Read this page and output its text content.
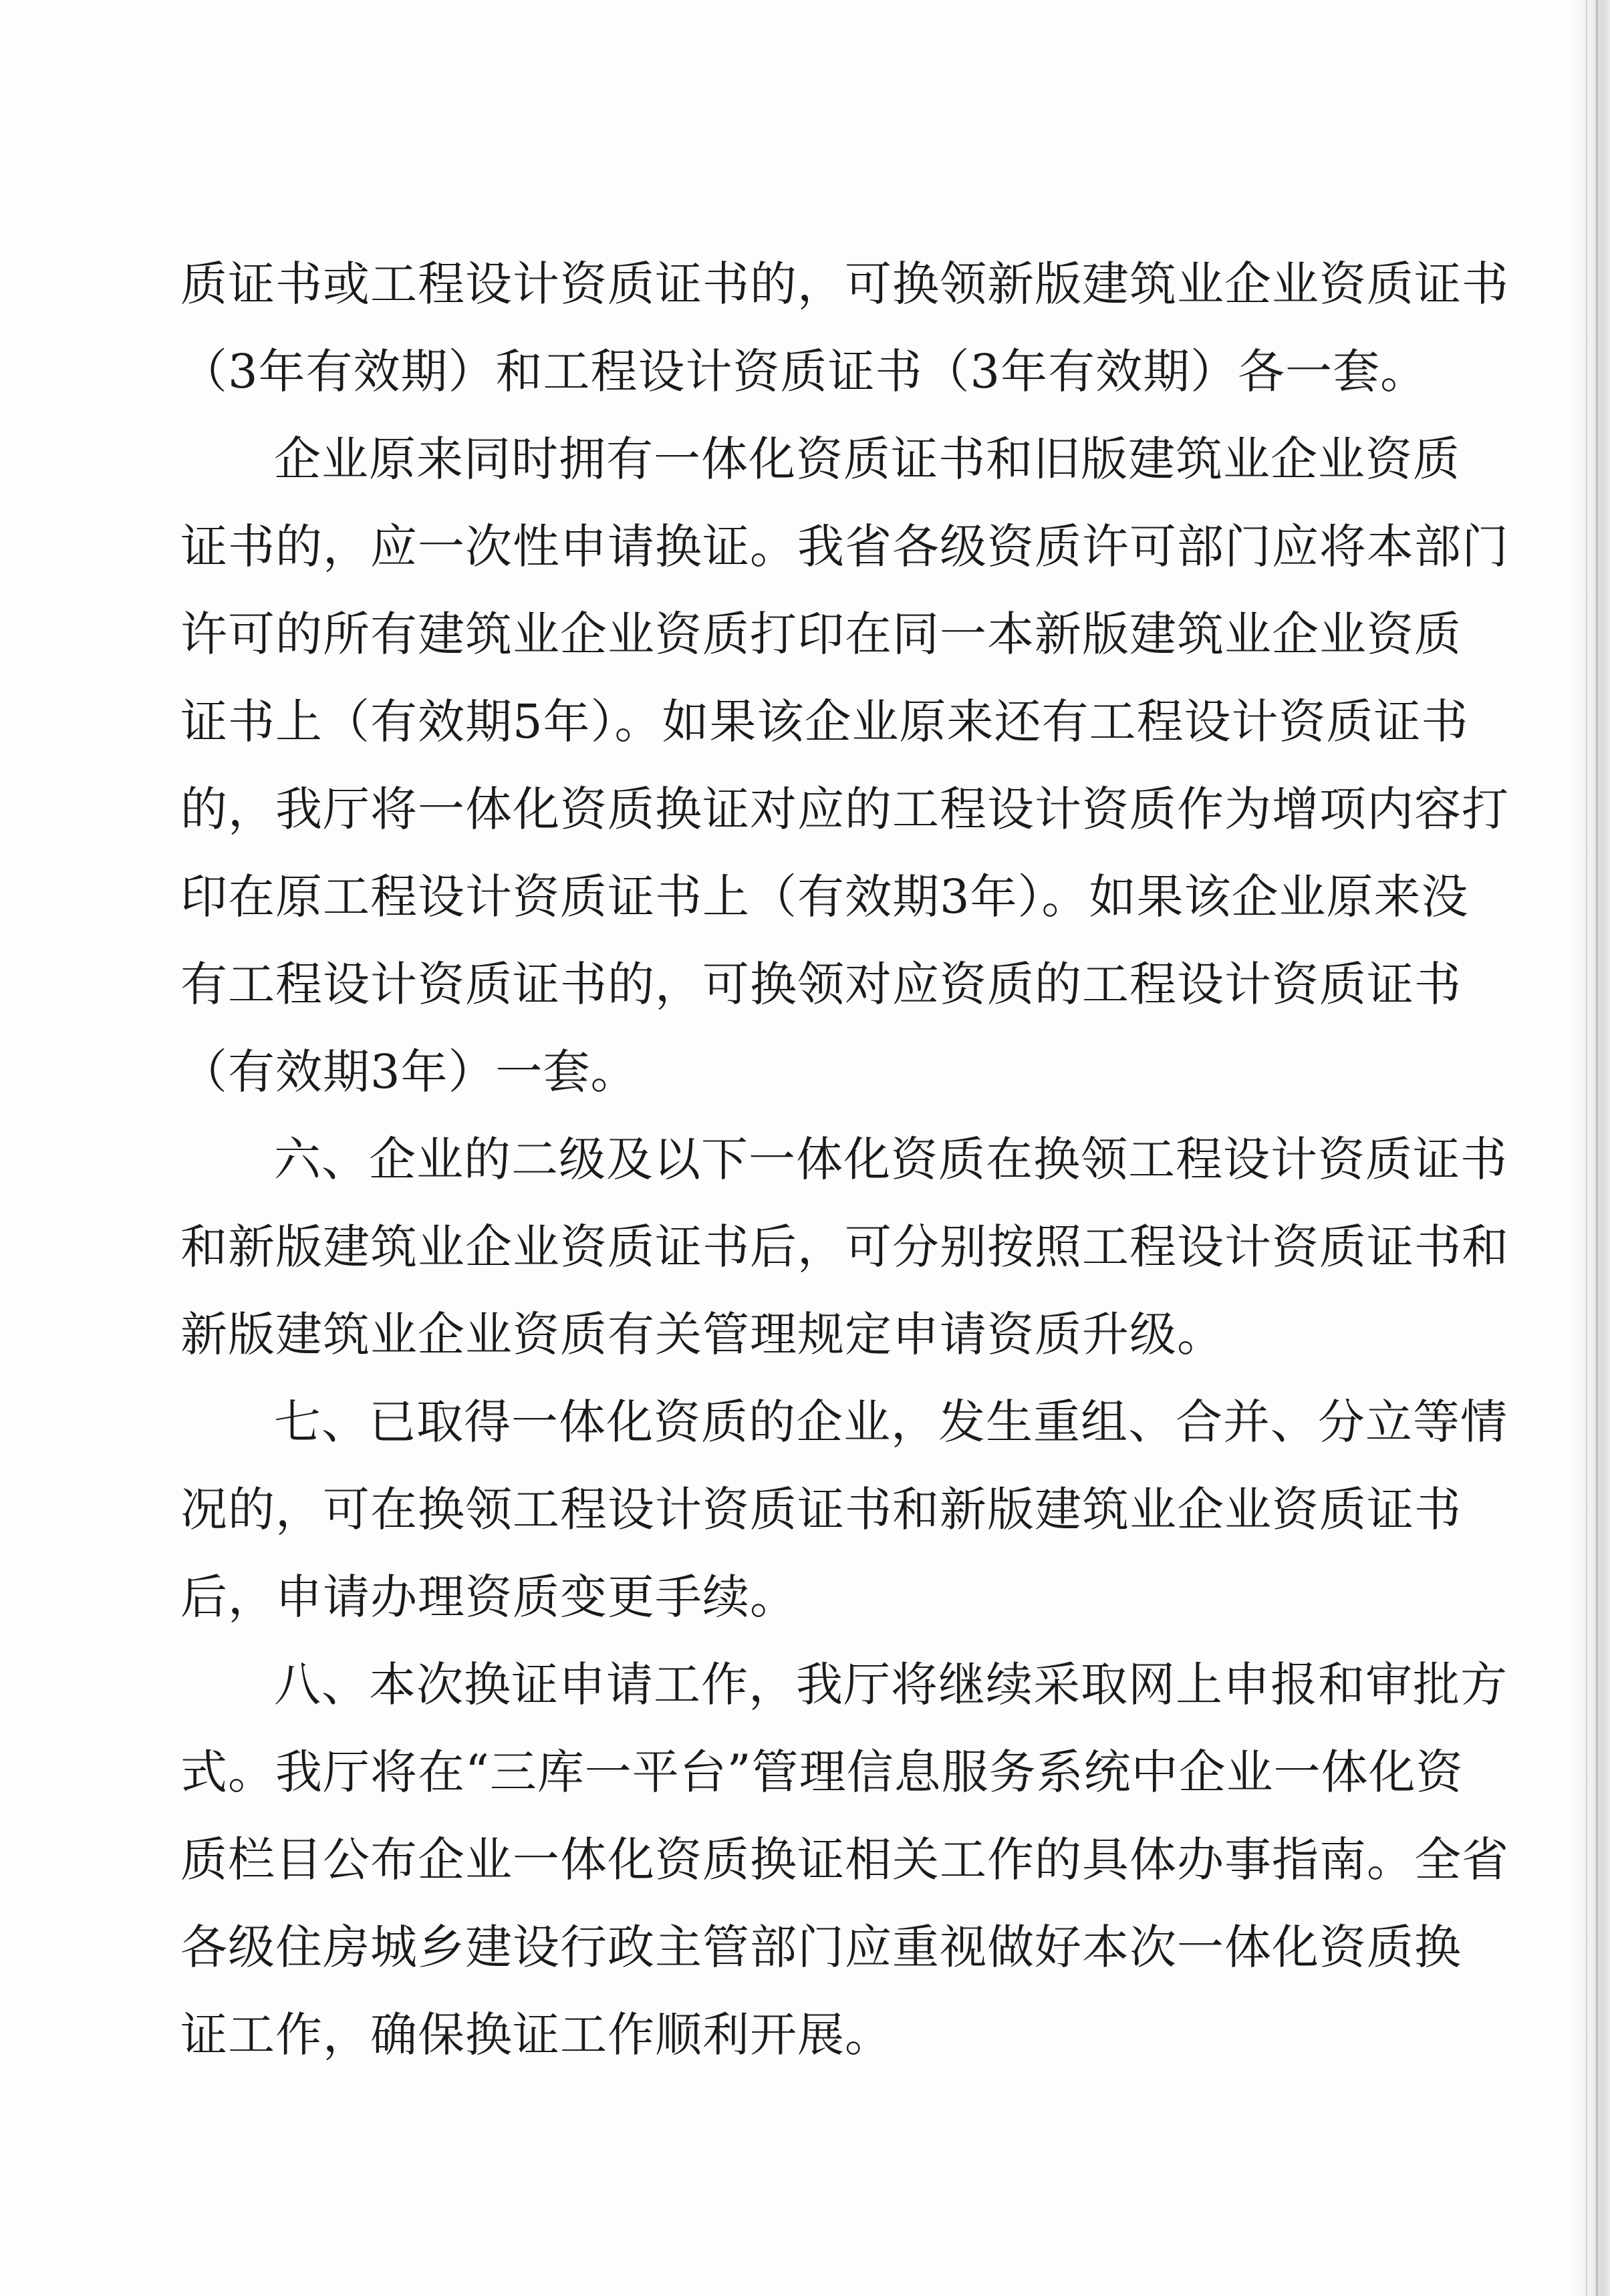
质证书或工程设计资质证书的，可换领新版建筑业企业资质证书
（3年有效期）和工程设计资质证书（3年有效期）各一套。

企业原来同时拥有一体化资质证书和旧版建筑业企业资质
证书的，应一次性申请换证。我省各级资质许可部门应将本部门
许可的所有建筑业企业资质打印在同一本新版建筑业企业资质
证书上（有效期5年）。如果该企业原来还有工程设计资质证书
的，我厅将一体化资质换证对应的工程设计资质作为增项内容打
印在原工程设计资质证书上（有效期3年）。如果该企业原来没
有工程设计资质证书的，可换领对应资质的工程设计资质证书
（有效期3年）一套。

六、企业的二级及以下一体化资质在换领工程设计资质证书
和新版建筑业企业资质证书后，可分别按照工程设计资质证书和
新版建筑业企业资质有关管理规定申请资质升级。

七、已取得一体化资质的企业，发生重组、合并、分立等情
况的，可在换领工程设计资质证书和新版建筑业企业资质证书
后，申请办理资质变更手续。

八、本次换证申请工作，我厅将继续采取网上申报和审批方
式。我厅将在“三库一平台”管理信息服务系统中企业一体化资
质栏目公布企业一体化资质换证相关工作的具体办事指南。全省
各级住房城乡建设行政主管部门应重视做好本次一体化资质换
证工作，确保换证工作顺利开展。
